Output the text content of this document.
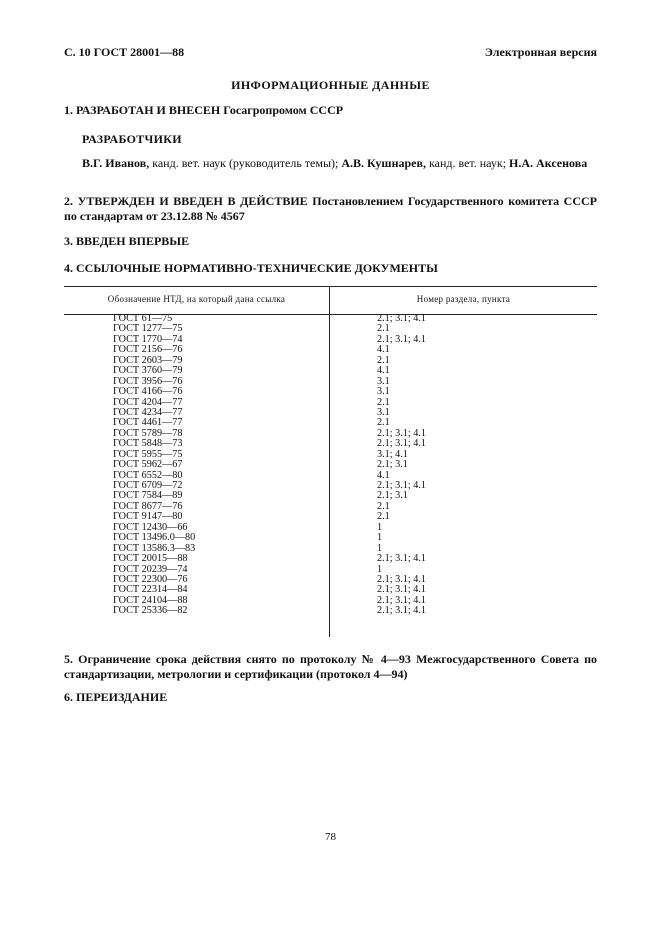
С. 10 ГОСТ 28001—88	Электронная версия
ИНФОРМАЦИОННЫЕ ДАННЫЕ
1. РАЗРАБОТАН И ВНЕСЕН Госагропромом СССР
РАЗРАБОТЧИКИ
В.Г. Иванов, канд. вет. наук (руководитель темы); А.В. Кушнарев, канд. вет. наук; Н.А. Аксенова
2. УТВЕРЖДЕН И ВВЕДЕН В ДЕЙСТВИЕ Постановлением Государственного комитета СССР по стандартам от 23.12.88 № 4567
3. ВВЕДЕН ВПЕРВЫЕ
4. ССЫЛОЧНЫЕ НОРМАТИВНО-ТЕХНИЧЕСКИЕ ДОКУМЕНТЫ
Обозначение НТД, на который дана ссылка	Номер раздела, пункта
ГОСТ 61—75	2.1; 3.1; 4.1
ГОСТ 1277—75	2.1
ГОСТ 1770—74	2.1; 3.1; 4.1
ГОСТ 2156—76	4.1
ГОСТ 2603—79	2.1
ГОСТ 3760—79	4.1
ГОСТ 3956—76	3.1
ГОСТ 4166—76	3.1
ГОСТ 4204—77	2.1
ГОСТ 4234—77	3.1
ГОСТ 4461—77	2.1
ГОСТ 5789—78	2.1; 3.1; 4.1
ГОСТ 5848—73	2.1; 3.1; 4.1
ГОСТ 5955—75	3.1; 4.1
ГОСТ 5962—67	2.1; 3.1
ГОСТ 6552—80	4.1
ГОСТ 6709—72	2.1; 3.1; 4.1
ГОСТ 7584—89	2.1; 3.1
ГОСТ 8677—76	2.1
ГОСТ 9147—80	2.1
ГОСТ 12430—66	1
ГОСТ 13496.0—80	1
ГОСТ 13586.3—83	1
ГОСТ 20015—88	2.1; 3.1; 4.1
ГОСТ 20239—74	1
ГОСТ 22300—76	2.1; 3.1; 4.1
ГОСТ 22314—84	2.1; 3.1; 4.1
ГОСТ 24104—88	2.1; 3.1; 4.1
ГОСТ 25336—82	2.1; 3.1; 4.1
5. Ограничение срока действия снято по протоколу № 4—93 Межгосударственного Совета по стандартизации, метрологии и сертификации (протокол 4—94)
6. ПЕРЕИЗДАНИЕ
78
